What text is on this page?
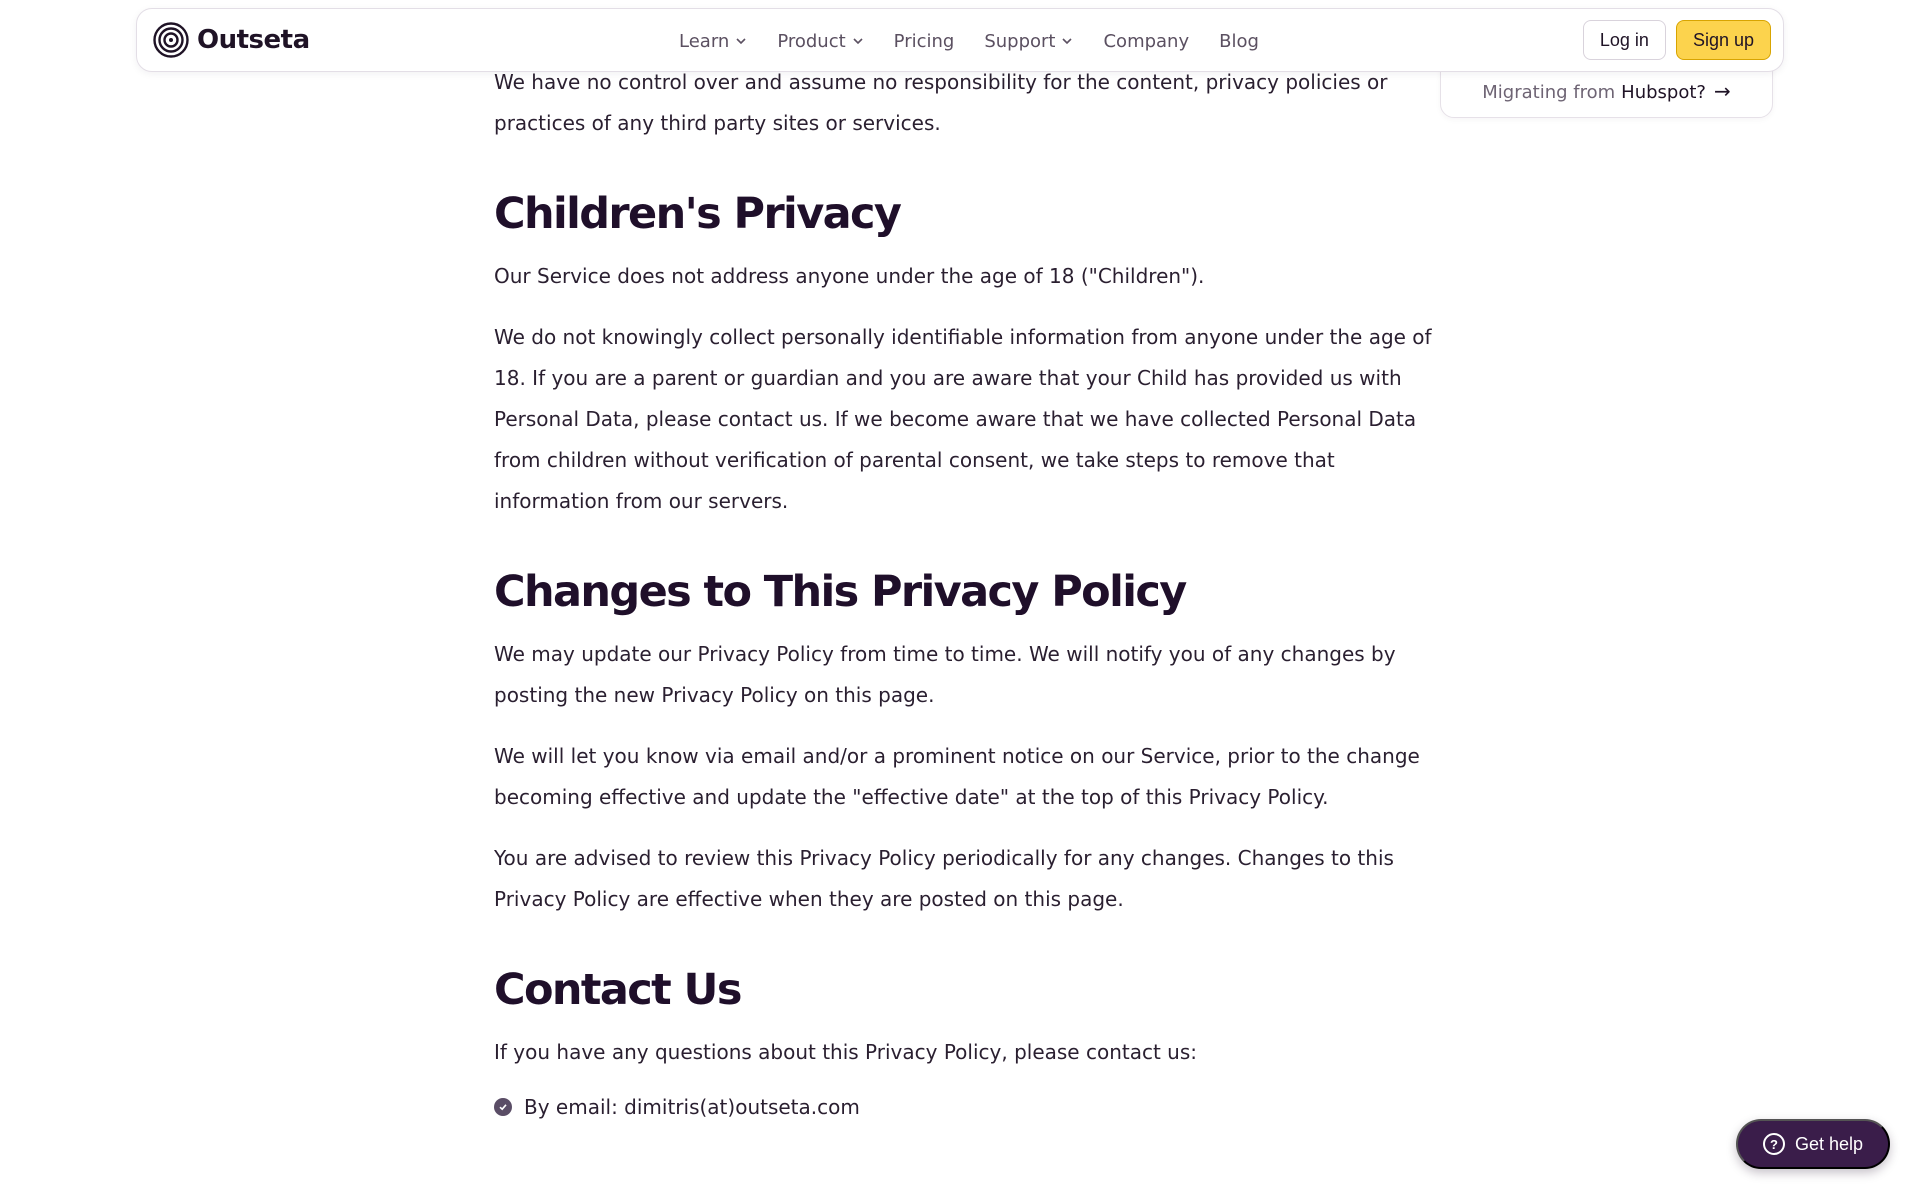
Migrating from Hubspot? →
Outseta	Learn	Product	Pricing Support	Company Blog	Log in	Sign up

We have no control over and assume no responsibility for the content, privacy policies or practices of any third party sites or services.

Children's Privacy

Our Service does not address anyone under the age of 18 ("Children").

We do not knowingly collect personally identifiable information from anyone under the age of 18. If you are a parent or guardian and you are aware that your Child has provided us with Personal Data, please contact us. If we become aware that we have collected Personal Data from children without verification of parental consent, we take steps to remove that information from our servers.

Changes to This Privacy Policy

We may update our Privacy Policy from time to time. We will notify you of any changes by posting the new Privacy Policy on this page.

We will let you know via email and/or a prominent notice on our Service, prior to the change becoming effective and update the "effective date" at the top of this Privacy Policy.

You are advised to review this Privacy Policy periodically for any changes. Changes to this Privacy Policy are effective when they are posted on this page.

Contact Us

If you have any questions about this Privacy Policy, please contact us:

By email: dimitris(at)outseta.com
? Get help
